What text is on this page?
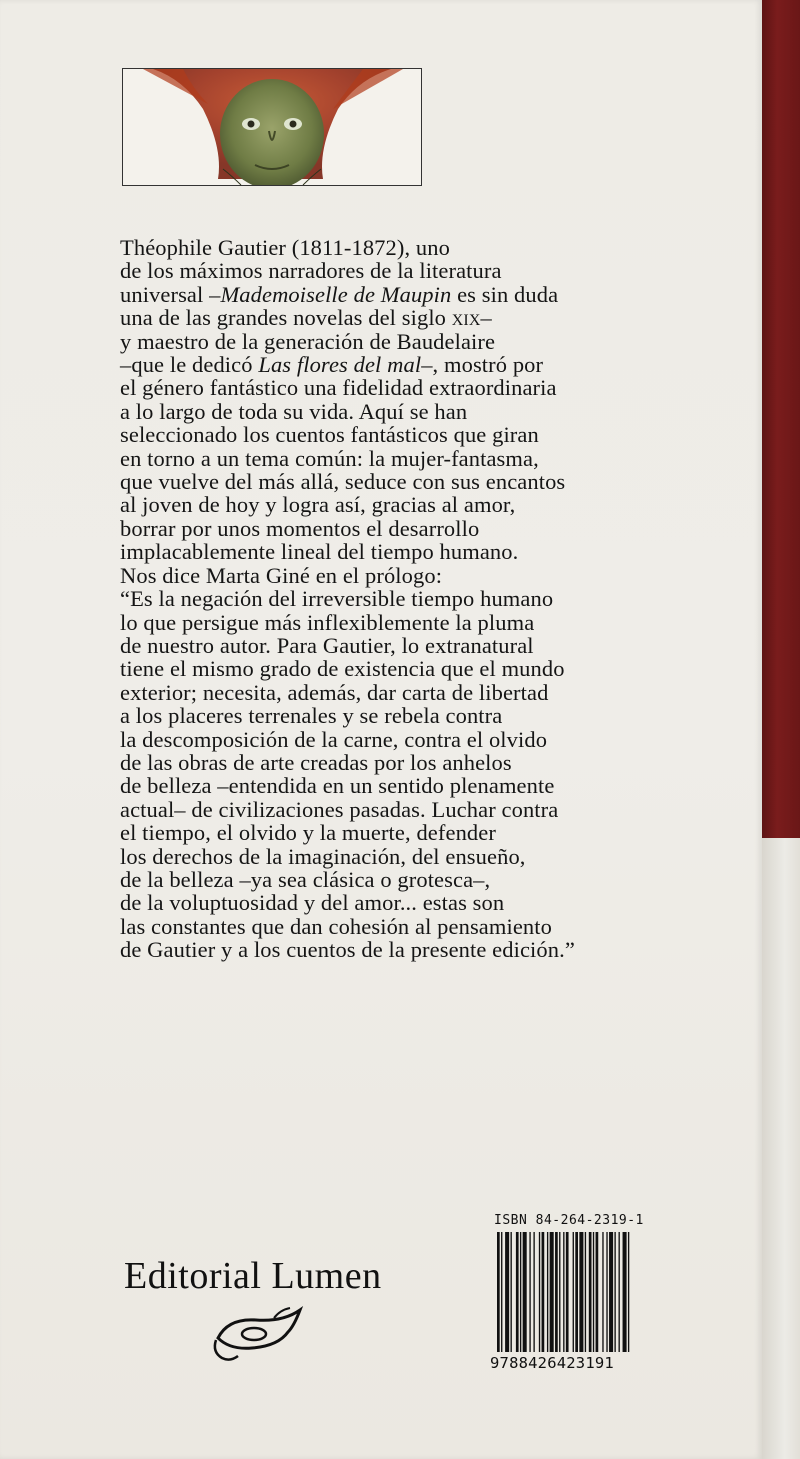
Théophile Gautier (1811-1872), uno

de los máximos narradores de la literatura

universal –Mademoiselle de Maupin es sin duda

una de las grandes novelas del siglo xix–

y maestro de la generación de Baudelaire

–que le dedicó Las flores del mal–, mostró por

el género fantástico una fidelidad extraordinaria

a lo largo de toda su vida. Aquí se han

seleccionado los cuentos fantásticos que giran

en torno a un tema común: la mujer-fantasma,

que vuelve del más allá, seduce con sus encantos

al joven de hoy y logra así, gracias al amor,

borrar por unos momentos el desarrollo

implacablemente lineal del tiempo humano.

Nos dice Marta Giné en el prólogo:

“Es la negación del irreversible tiempo humano

lo que persigue más inflexiblemente la pluma

de nuestro autor. Para Gautier, lo extranatural

tiene el mismo grado de existencia que el mundo

exterior; necesita, además, dar carta de libertad

a los placeres terrenales y se rebela contra

la descomposición de la carne, contra el olvido

de las obras de arte creadas por los anhelos

de belleza –entendida en un sentido plenamente

actual– de civilizaciones pasadas. Luchar contra

el tiempo, el olvido y la muerte, defender

los derechos de la imaginación, del ensueño,

de la belleza –ya sea clásica o grotesca–,

de la voluptuosidad y del amor... estas son

las constantes que dan cohesión al pensamiento

de Gautier y a los cuentos de la presente edición.”

Editorial Lumen
ISBN 84-264-2319-1
9788426423191
